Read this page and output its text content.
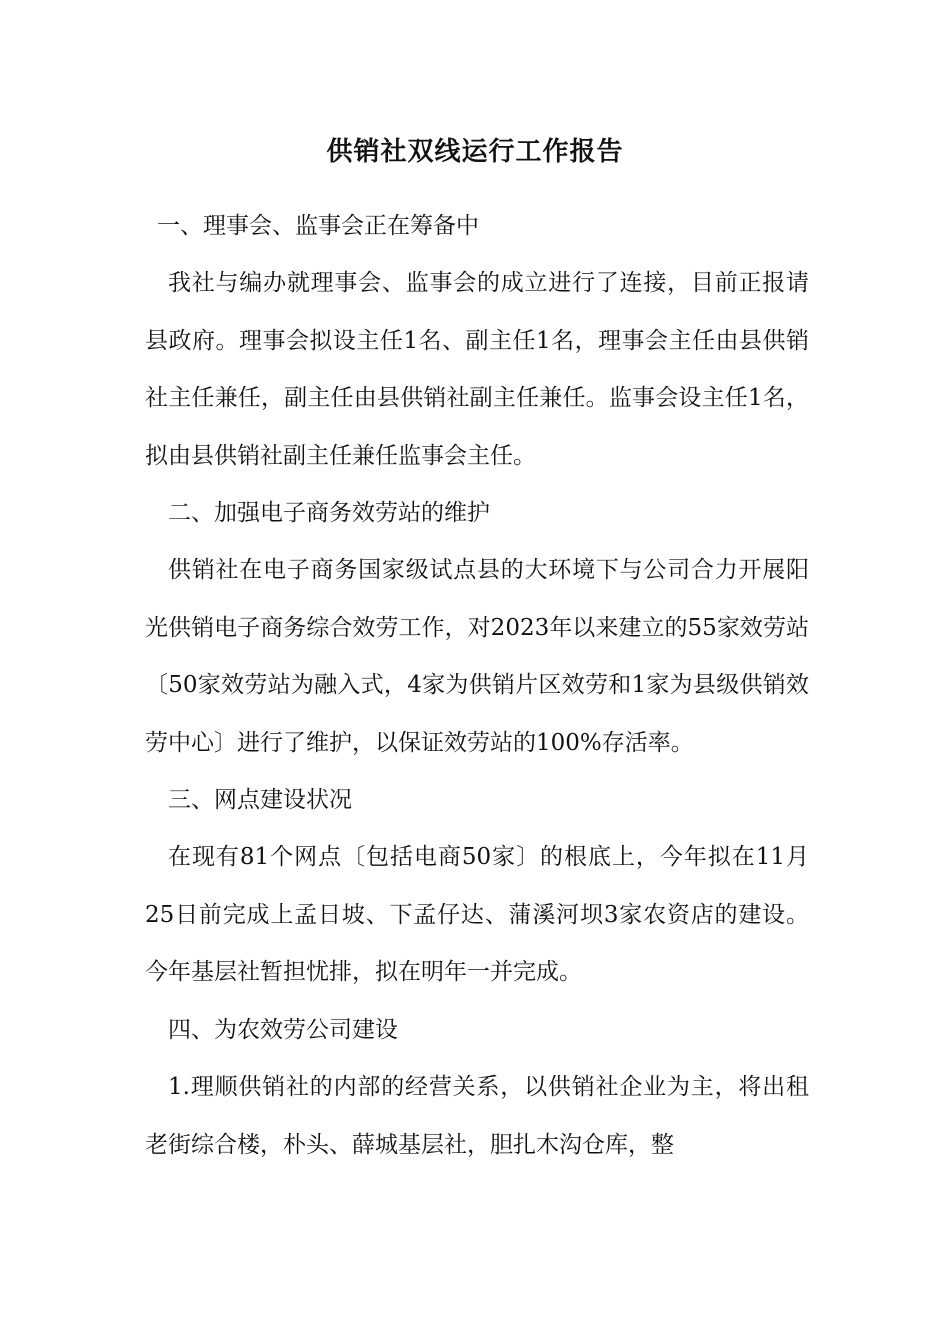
供销社双线运行工作报告

一、理事会、监事会正在筹备中

我社与编办就理事会、监事会的成立进行了连接，目前正报请县政府。理事会拟设主任1名、副主任1名，理事会主任由县供销社主任兼任，副主任由县供销社副主任兼任。监事会设主任1名，拟由县供销社副主任兼任监事会主任。

二、加强电子商务效劳站的维护

供销社在电子商务国家级试点县的大环境下与公司合力开展阳光供销电子商务综合效劳工作，对2023年以来建立的55家效劳站〔50家效劳站为融入式，4家为供销片区效劳和1家为县级供销效劳中心〕进行了维护，以保证效劳站的100%存活率。

三、网点建设状况

在现有81个网点〔包括电商50家〕的根底上，今年拟在11月25日前完成上孟日坡、下孟仔达、蒲溪河坝3家农资店的建设。今年基层社暂担忧排，拟在明年一并完成。

四、为农效劳公司建设

1.理顺供销社的内部的经营关系，以供销社企业为主，将出租老街综合楼，朴头、薛城基层社，胆扎木沟仓库，整
